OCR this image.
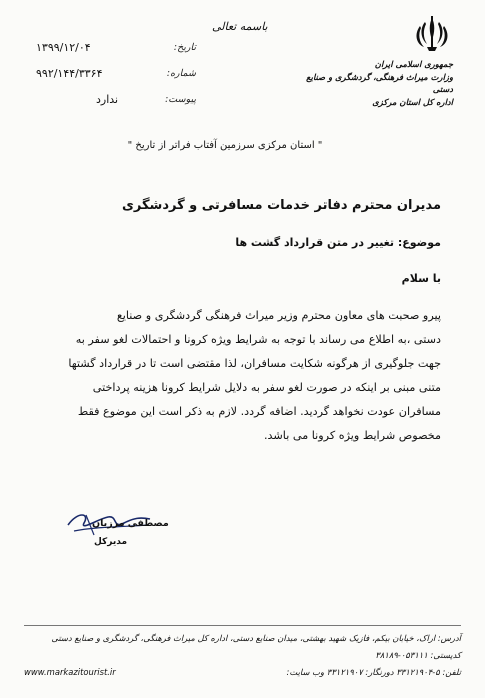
جمهوری اسلامی ایران
وزارت میراث فرهنگی، گردشگری و صنایع دستی
اداره کل استان مرکزی
باسمه تعالی
۱۳۹۹/۱۲/۰۴	تاریخ:
۹۹۲/۱۴۴/۳۳۶۴	شماره:
ندارد	پیوست:
" استان مرکزی سرزمین آفتاب فراتر از تاریخ "
مدیران محترم دفاتر خدمات مسافرتی و گردشگری
موضوع: تغییر در متن قرارداد گشت ها
با سلام
پیرو صحبت های معاون محترم وزیر میراث فرهنگی گردشگری و صنایع
دستی ،به اطلاع می رساند با توجه به شرایط ویژه کرونا و احتمالات لغو سفر به
جهت جلوگیری از هرگونه شکایت مسافران، لذا مقتضی است تا در قرارداد گشتها
متنی مبنی بر اینکه در صورت لغو سفر به دلایل شرایط کرونا هزینه پرداختی
مسافران عودت نخواهد گردید. اضافه گردد. لازم به ذکر است این موضوع فقط
مخصوص شرایط ویژه کرونا می باشد.
مصطفی مرزبان
مدیرکل
آدرس: اراک، خیابان بیکم، فازیک شهید بهشتی، میدان صنایع دستی، اداره کل میراث فرهنگی، گردشگری و صنایع دستی کدپستی: ۰۵۳۱۱۱-۳۸۱۸۹
تلفن: ۵-۳۳۱۲۱۹۰۴ دورنگار: ۳۳۱۲۱۹۰۷ وب سایت:
www.markazitourist.ir
